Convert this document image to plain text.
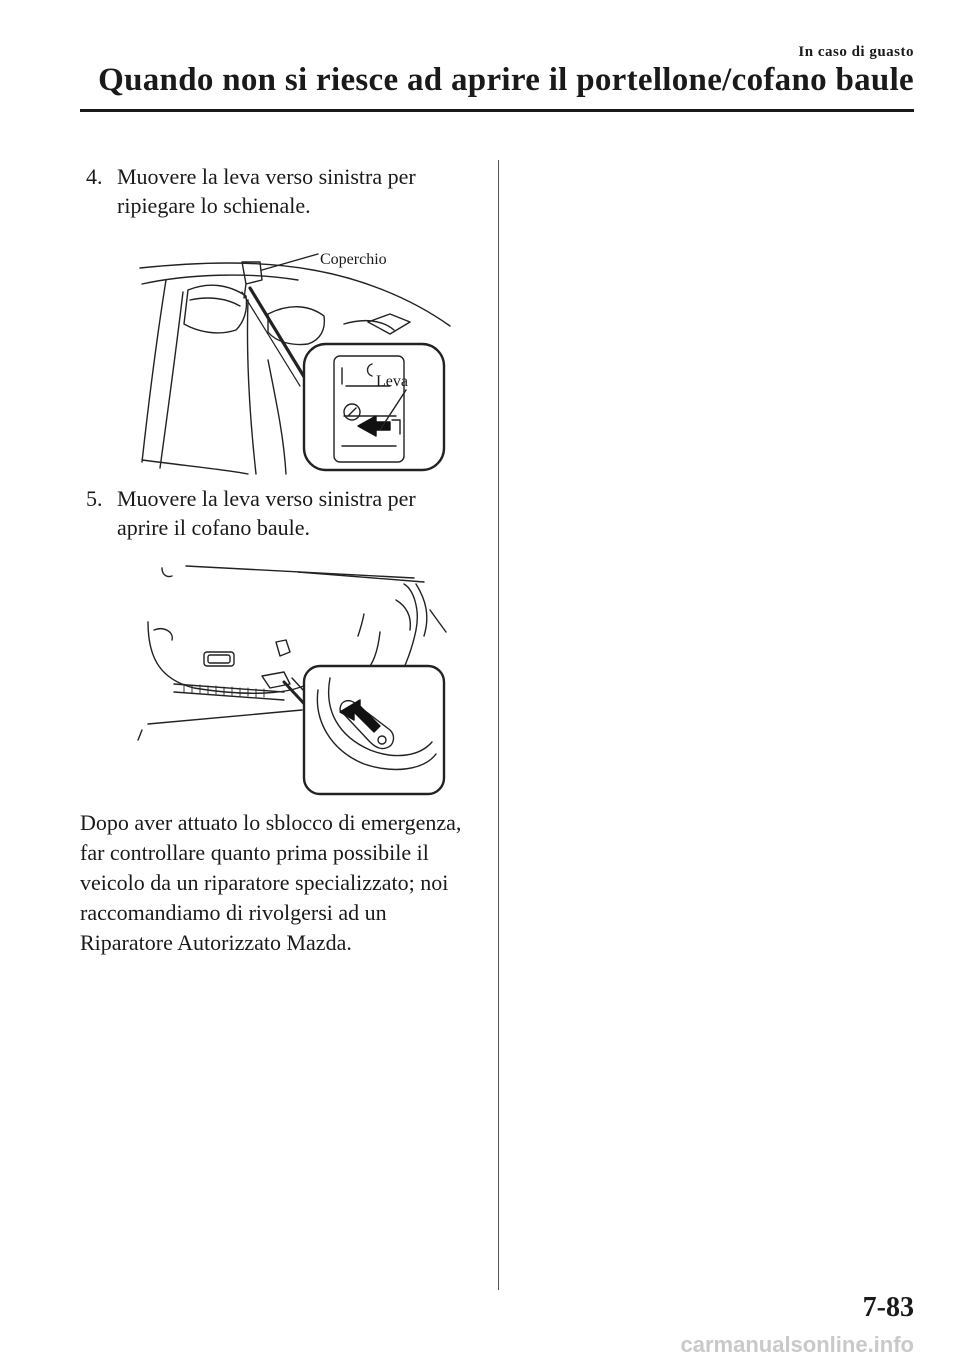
In caso di guasto
Quando non si riesce ad aprire il portellone/cofano baule
4. Muovere la leva verso sinistra per ripiegare lo schienale.
Coperchio
Leva
5. Muovere la leva verso sinistra per aprire il cofano baule.
Dopo aver attuato lo sblocco di emergenza, far controllare quanto prima possibile il veicolo da un riparatore specializzato; noi raccomandiamo di rivolgersi ad un Riparatore Autorizzato Mazda.
7-83
carmanualsonline.info
